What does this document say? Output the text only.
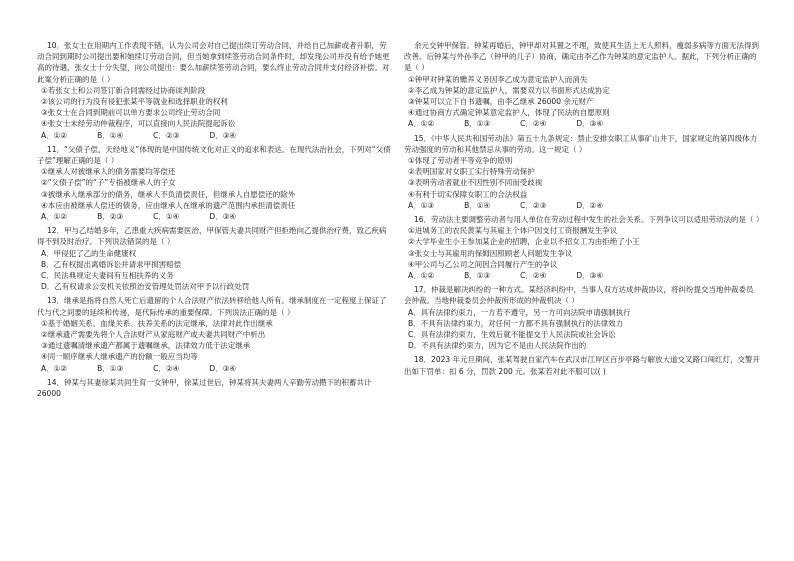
10．张女士在用期内工作表现不错，认为公司会对自己提出续订劳动合同，并给自己加薪或者升职，劳动合同到期时公司提出要和她续订劳动合同，但当她拿到续签劳动合同条件时，却发现公司并没有给予她更高的待遇，张女士十分失望，向公司提出：要么加薪续签劳动合同，要么终止劳动合同并支付经济补偿。对此案分析正确的是（ ）
①若张女士和公司签订新合同需经过协商谈判阶段
②该公司的行为没有侵犯张某平等就业和选择职业的权利
③张女士在合同到期前可以单方要求公司终止劳动合同
④张女士未经劳动仲裁程序，可以直接向人民法院提起诉讼
A．①②	B．①④	C．②③	D．③④
11．“父债子偿，天经地义”体现的是中国传统文化对正义的追求和表达。在现代法治社会，下列对“父债子偿”理解正确的是（ ）
①继承人对被继承人的债务需要均等偿还
②“父债子偿”的“子”专指被继承人的子女
③被继承人继承部分的债务，继承人不负清偿责任，但继承人自愿偿还的除外
④本应由被继承人偿还的债务，应由继承人在继承的遗产范围内承担清偿责任
A．①②	B．②③	C．①④	D．③④
12．甲与乙结婚多年，乙患重大疾病需要医治，甲保管夫妻共同财产但拒绝向乙提供治疗费，致乙疾病得不到及时治疗。下列说法错误的是（ ）
A．甲侵犯了乙的生命健康权
B．乙有权提出离婚诉讼并请求甲损害赔偿
C．民法典规定夫妻间有互相扶养的义务
D．乙有权请求公安机关依照治安管理处罚法对甲予以行政处罚
13．继承是指将自然人死亡后遗留的个人合法财产依法转移给他人所有。继承制度在一定程度上保证了代与代之间要的延续和传递，是代际传承的重要保障。下列说法正确的是（ ）
①基于婚姻关系、血缘关系、扶养关系的法定继承，法律对此作出继承
②继承遗产需要先将个人合法财产从家庭财产或夫妻共同财产中析出
③通过遗嘱清继承遗产都属于遗嘱继承，法律效力低于法定继承
④同一顺序继承人继承遗产的份额一般应当均等
A．①②	B．①③	C．②④	D．③④
14．钟某与其妻徐某共同生育一女钟甲，徐某过世后，钟某将其夫妻两人辛勤劳动攒下的积蓄共计 26000
余元交钟甲保管。钟某再婚后，钟甲却对其置之不理，致使其生活上无人照料，瘦弱多病等方面无法得到改善。后钟某与外孙李乙（钟甲的儿子）协商，确定由李乙作为钟某的意定监护人。据此，下列分析正确的是（ ）
①钟甲对钟某的赡养义务因李乙成为意定监护人而消失
②李乙成为钟某的意定监护人，需要双方以书面形式达成协定
③钟某可以立下自书遗嘱，由李乙继承 26000 余元财产
④通过协商方式确定钟某意定监护人，体现了民法的自愿原则
A．①②	B．①③	C．②④	D．③④
15．《中华人民共和国劳动法》第五十九条规定：禁止安排女职工从事矿山井下，国家规定的第四级体力劳动强度的劳动和其他禁忌从事的劳动。这一规定（ ）
①体现了劳动者平等竞争的原则
②表明国家对女职工实行特殊劳动保护
③表明劳动者就业不因性别不同而受歧视
④有利于切实保障女职工的合法权益
A．①③	B．①④	C．②③	D．②④
16．劳动法主要调整劳动者与用人单位在劳动过程中发生的社会关系。下列争议可以适用劳动法的是（ ）
①进城务工的农民黄某与其雇主个体户因支付工资报酬发生争议
②大学毕业生小王参加某企业的招聘，企业以不招女工为由拒绝了小王
③张女士与其雇用的保姆因照顾老人问题发生争议
④甲公司与乙公司之间因合同履行产生的争议
A．①②	B．①③	C．②④	D．③④
17．仲裁是解决纠纷的一种方式。某经济纠纷中，当事人双方达成仲裁协议，将纠纷提交当地仲裁委员会仲裁。当地仲裁委员会仲裁所形成的仲裁机决（ ）
A．具有法律约束力，一方若不遵守，另一方可向法院申请强制执行
B．不具有法律约束力，对任何一方都不具有强制执行的法律效力
C．具有法律约束力，生效后就不能提交于人民法院或社会诉讼
D．不具有法律约束力，因为它不是由人民法院作出的
18．2023 年元旦期间，张某驾驶自家汽车在武汉市江岸区百步亭路与解放大道交叉路口闯红灯，交警开出如下罚单：扣 6 分，罚款 200 元。张某若对此不服可以( )
